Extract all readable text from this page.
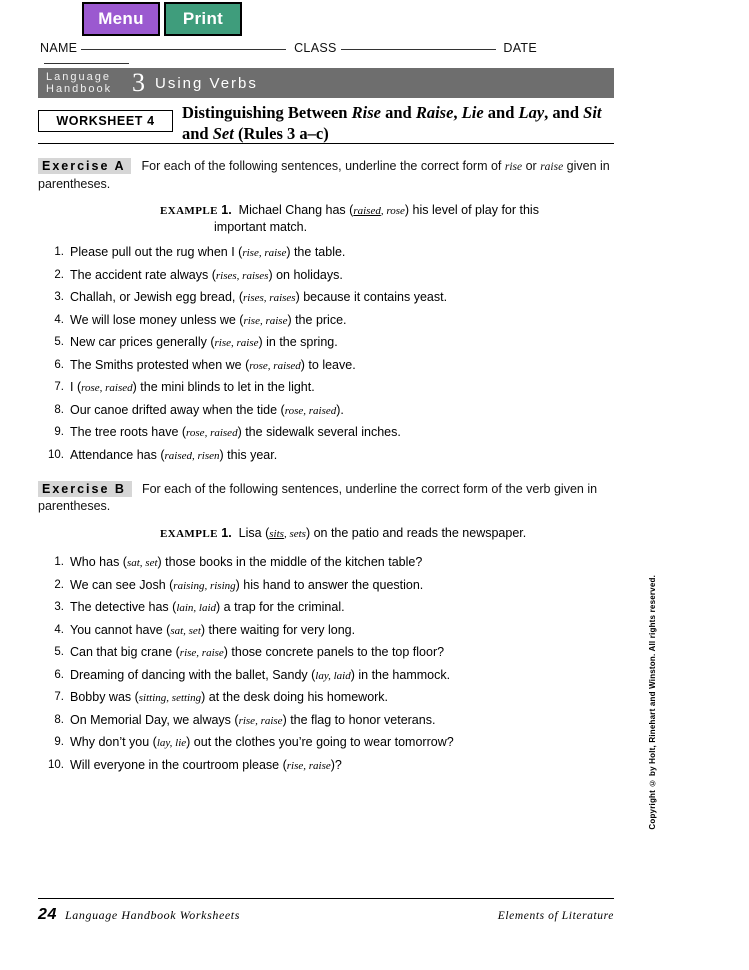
Menu	Print
NAME	CLASS	DATE
Language
Handbook 3 Using Verbs
WORKSHEET 4	Distinguishing Between Rise and Raise, Lie and Lay, and Sit and Set (Rules 3 a–c)
Exercise A For each of the following sentences, underline the correct form of rise or raise given in parentheses.
EXAMPLE 1.  Michael Chang has (raised, rose) his level of play for this
important match.
1. Please pull out the rug when I (rise, raise) the table.
2. The accident rate always (rises, raises) on holidays.
3. Challah, or Jewish egg bread, (rises, raises) because it contains yeast.
4. We will lose money unless we (rise, raise) the price.
5. New car prices generally (rise, raise) in the spring.
6. The Smiths protested when we (rose, raised) to leave.
7. I (rose, raised) the mini blinds to let in the light.
8. Our canoe drifted away when the tide (rose, raised).
9. The tree roots have (rose, raised) the sidewalk several inches.
10. Attendance has (raised, risen) this year.
Exercise B For each of the following sentences, underline the correct form of the verb given in parentheses.
EXAMPLE 1.  Lisa (sits, sets) on the patio and reads the newspaper.
1. Who has (sat, set) those books in the middle of the kitchen table?
2. We can see Josh (raising, rising) his hand to answer the question.
3. The detective has (lain, laid) a trap for the criminal.
4. You cannot have (sat, set) there waiting for very long.
5. Can that big crane (rise, raise) those concrete panels to the top floor?
6. Dreaming of dancing with the ballet, Sandy (lay, laid) in the hammock.
7. Bobby was (sitting, setting) at the desk doing his homework.
8. On Memorial Day, we always (rise, raise) the flag to honor veterans.
9. Why don’t you (lay, lie) out the clothes you’re going to wear tomorrow?
10. Will everyone in the courtroom please (rise, raise)?	Copyright © by Holt, Rinehart and Winston. All rights reserved.
24 Language Handbook Worksheets	Elements of Literature
